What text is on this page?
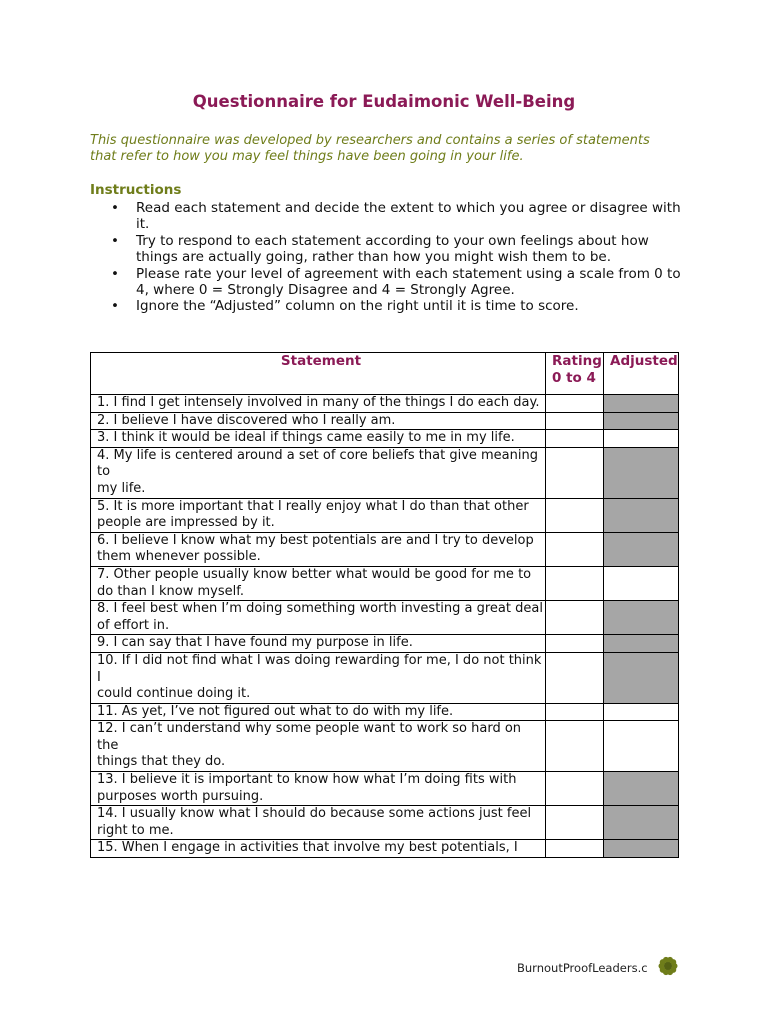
Questionnaire for Eudaimonic Well-Being
This questionnaire was developed by researchers and contains a series of statements that refer to how you may feel things have been going in your life.
Instructions
• Read each statement and decide the extent to which you agree or disagree with it.
• Try to respond to each statement according to your own feelings about how things are actually going, rather than how you might wish them to be.
• Please rate your level of agreement with each statement using a scale from 0 to 4, where 0 = Strongly Disagree and 4 = Strongly Agree.
• Ignore the “Adjusted” column on the right until it is time to score.
Statement	Rating 0 to 4	Adjusted
1. I find I get intensely involved in many of the things I do each day.		
2. I believe I have discovered who I really am.		
3. I think it would be ideal if things came easily to me in my life.		
4. My life is centered around a set of core beliefs that give meaning to
my life.		
5. It is more important that I really enjoy what I do than that other
people are impressed by it.		
6. I believe I know what my best potentials are and I try to develop
them whenever possible.		
7. Other people usually know better what would be good for me to
do than I know myself.		
8. I feel best when I’m doing something worth investing a great deal
of effort in.		
9. I can say that I have found my purpose in life.		
10. If I did not find what I was doing rewarding for me, I do not think I
could continue doing it.		
11. As yet, I’ve not figured out what to do with my life.		
12. I can’t understand why some people want to work so hard on the
things that they do.		
13. I believe it is important to know how what I’m doing fits with purposes worth pursuing.		
14. I usually know what I should do because some actions just feel
right to me.		
15. When I engage in activities that involve my best potentials, I		
BurnoutProofLeaders.c
